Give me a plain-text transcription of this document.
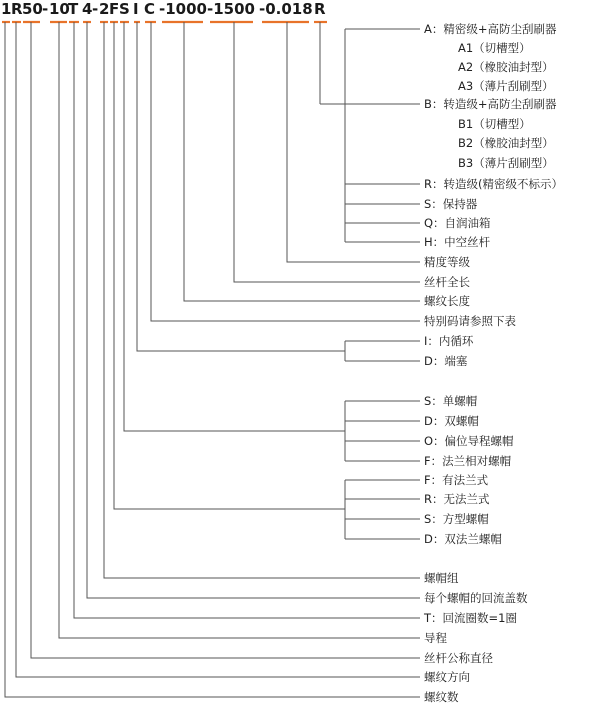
1 R 50 - 10
T 4 - 2 F S I C -1000 -1500 -0.018 R
A：精密级+高防尘刮刷器
A1（切槽型）
A2（橡胶油封型）
A3（薄片刮刷型）
B：转造级+高防尘刮刷器
B1（切槽型）
B2（橡胶油封型）
B3（薄片刮刷型）
R：转造级(精密级不标示）
S：保持器
Q：自润油箱
H：中空丝杆
精度等级
丝杆全长
螺纹长度
特别码请参照下表
I：内循环
D：端塞
S：单螺帽
D：双螺帽
O：偏位导程螺帽
F：法兰相对螺帽
F：有法兰式
R：无法兰式
S：方型螺帽
D：双法兰螺帽
螺帽组
每个螺帽的回流盖数
T：回流圈数=1圈
导程
丝杆公称直径
螺纹方向
螺纹数
